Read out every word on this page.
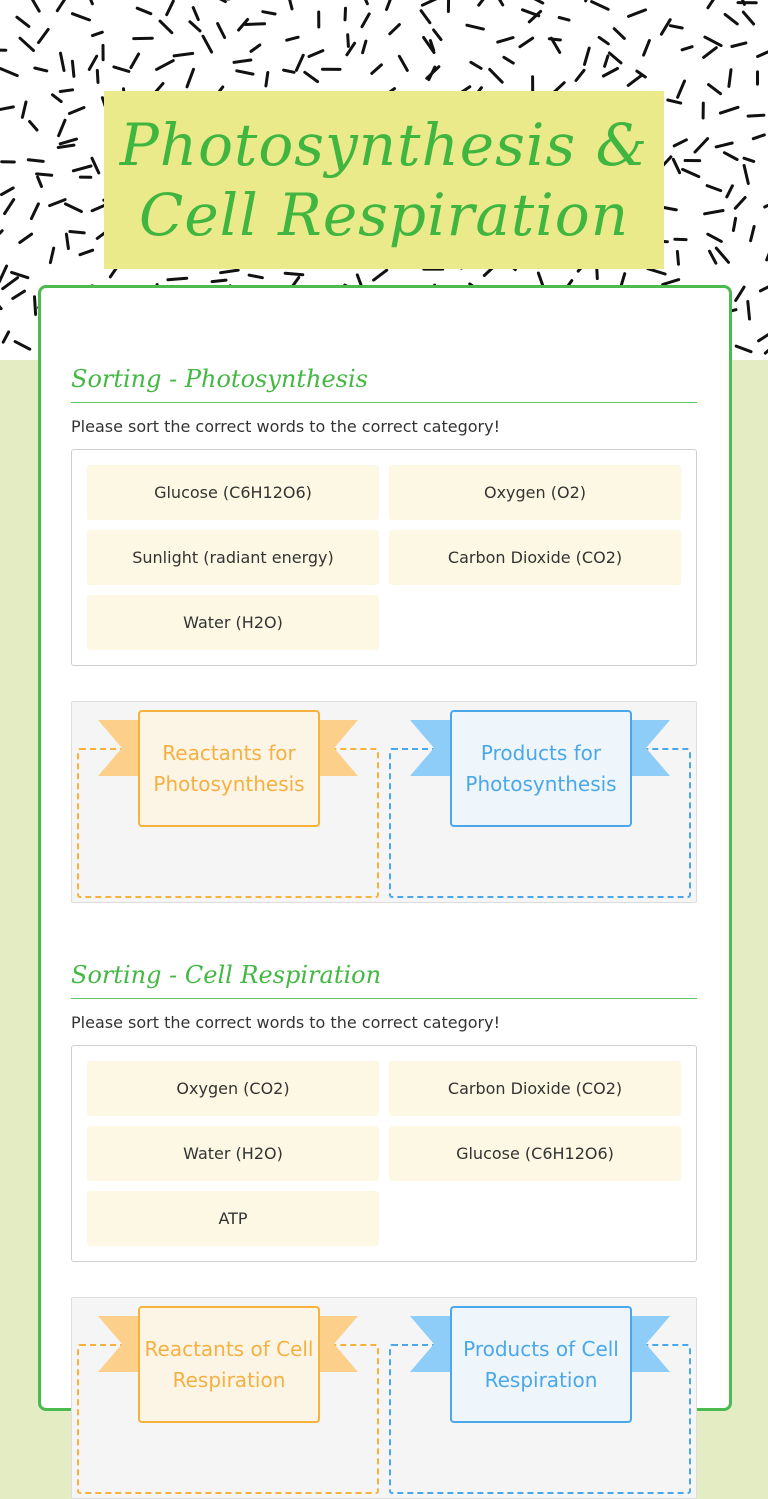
Photosynthesis & Cell Respiration
Sorting - Photosynthesis

Please sort the correct words to the correct category!

Glucose (C6H12O6)	Oxygen (O2)
Sunlight (radiant energy)	Carbon Dioxide (CO2)
Water (H2O)
Reactants for Photosynthesis
Products for Photosynthesis
Sorting - Cell Respiration

Please sort the correct words to the correct category!

Oxygen (CO2)	Carbon Dioxide (CO2)
Water (H2O)	Glucose (C6H12O6)
ATP
Reactants of Cell Respiration
Products of Cell Respiration
